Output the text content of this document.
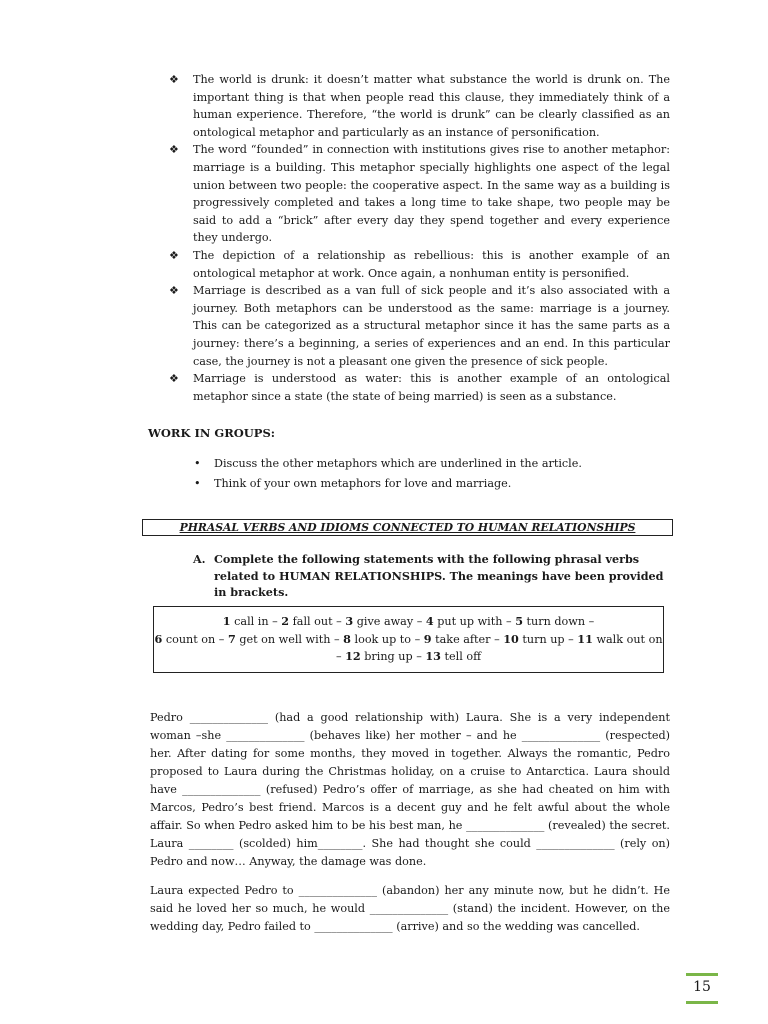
❖ The world is drunk: it doesn’t matter what substance the world is drunk on. The important thing is that when people read this clause, they immediately think of a human experience. Therefore, “the world is drunk” can be clearly classified as an ontological metaphor and particularly as an instance of personification.
❖ The word “founded” in connection with institutions gives rise to another metaphor: marriage is a building. This metaphor specially highlights one aspect of the legal union between two people: the cooperative aspect. In the same way as a building is progressively completed and takes a long time to take shape, two people may be said to add a “brick” after every day they spend together and every experience they undergo.
❖ The depiction of a relationship as rebellious: this is another example of an ontological metaphor at work. Once again, a nonhuman entity is personified.
❖ Marriage is described as a van full of sick people and it’s also associated with a journey. Both metaphors can be understood as the same: marriage is a journey. This can be categorized as a structural metaphor since it has the same parts as a journey: there’s a beginning, a series of experiences and an end. In this particular case, the journey is not a pleasant one given the presence of sick people.
❖ Marriage is understood as water: this is another example of an ontological metaphor since a state (the state of being married) is seen as a substance.
WORK IN GROUPS:
• Discuss the other metaphors which are underlined in the article.
• Think of your own metaphors for love and marriage.
PHRASAL VERBS AND IDIOMS CONNECTED TO HUMAN RELATIONSHIPS
A. Complete the following statements with the following phrasal verbs related to HUMAN RELATIONSHIPS. The meanings have been provided in brackets.
1 call in – 2 fall out – 3 give away – 4 put up with – 5 turn down –
6 count on – 7 get on well with – 8 look up to – 9 take after – 10 turn up – 11 walk out on – 12 bring up – 13 tell off
Pedro ______________ (had a good relationship with) Laura. She is a very independent woman –she ______________ (behaves like) her mother – and he ______________ (respected) her. After dating for some months, they moved in together. Always the romantic, Pedro proposed to Laura during the Christmas holiday, on a cruise to Antarctica. Laura should have ______________ (refused) Pedro’s offer of marriage, as she had cheated on him with Marcos, Pedro’s best friend. Marcos is a decent guy and he felt awful about the whole affair. So when Pedro asked him to be his best man, he ______________ (revealed) the secret. Laura ________ (scolded) him________. She had thought she could ______________ (rely on) Pedro and now… Anyway, the damage was done.
Laura expected Pedro to ______________ (abandon) her any minute now, but he didn’t. He said he loved her so much, he would ______________ (stand) the incident. However, on the wedding day, Pedro failed to ______________ (arrive) and so the wedding was cancelled.
15
